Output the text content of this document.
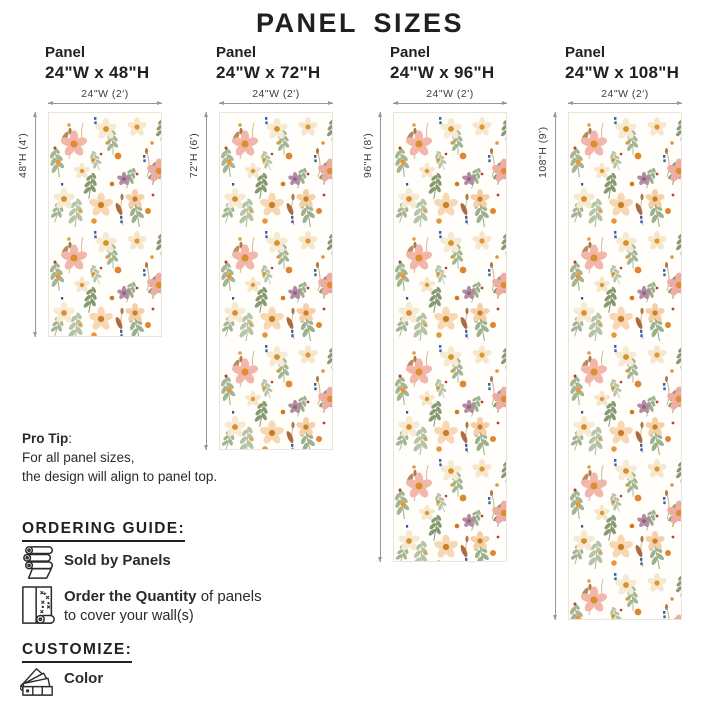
PANEL SIZES
Panel
24"W x 48"H
24"W (2')
48"H (4')
Panel
24"W x 72"H
24"W (2')
72"H (6')
Panel
24"W x 96"H
24"W (2')
96"H (8')
Panel
24"W x 108"H
24"W (2')
108"H (9')
Pro Tip:
For all panel sizes,
the design will align to panel top.
ORDERING GUIDE:
Sold by Panels
Order the Quantity of panels
to cover your wall(s)
CUSTOMIZE:
Color
